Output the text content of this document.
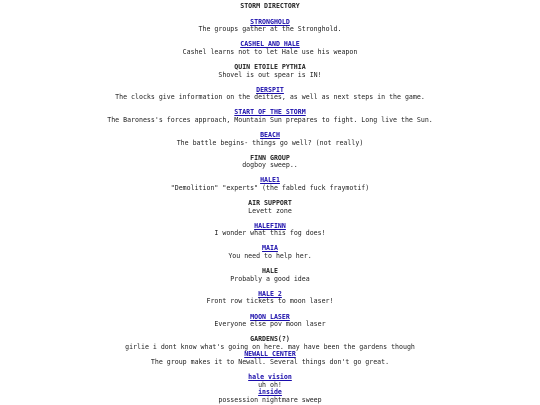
STORM DIRECTORY
STRONGHOLD
The groups gather at the Stronghold.
CASHEL AND HALE
Cashel learns not to let Hale use his weapon
QUIN ETOILE PYTHIA
Shovel is out spear is IN!
DERSPIT
The clocks give information on the deities, as well as next steps in the game.
START OF THE STORM
The Baroness's forces approach, Mountain Sun prepares to fight. Long live the Sun.
BEACH
The battle begins- things go well? (not really)
FINN GROUP
dogboy sweep..
HALE1
"Demolition" "experts" (the fabled fuck fraymotif)
AIR SUPPORT
Levett zone
HALEFINN
I wonder what this fog does!
MAIA
You need to help her.
HALE
Probably a good idea
HALE 2
Front row tickets to moon laser!
MOON LASER
Everyone else pov moon laser
GARDENS(?)
girlie i dont know what's going on here. may have been the gardens though
NEWALL CENTER
The group makes it to Newall. Several things don't go great.
hale vision
uh oh!
inside
possession nightmare sweep
